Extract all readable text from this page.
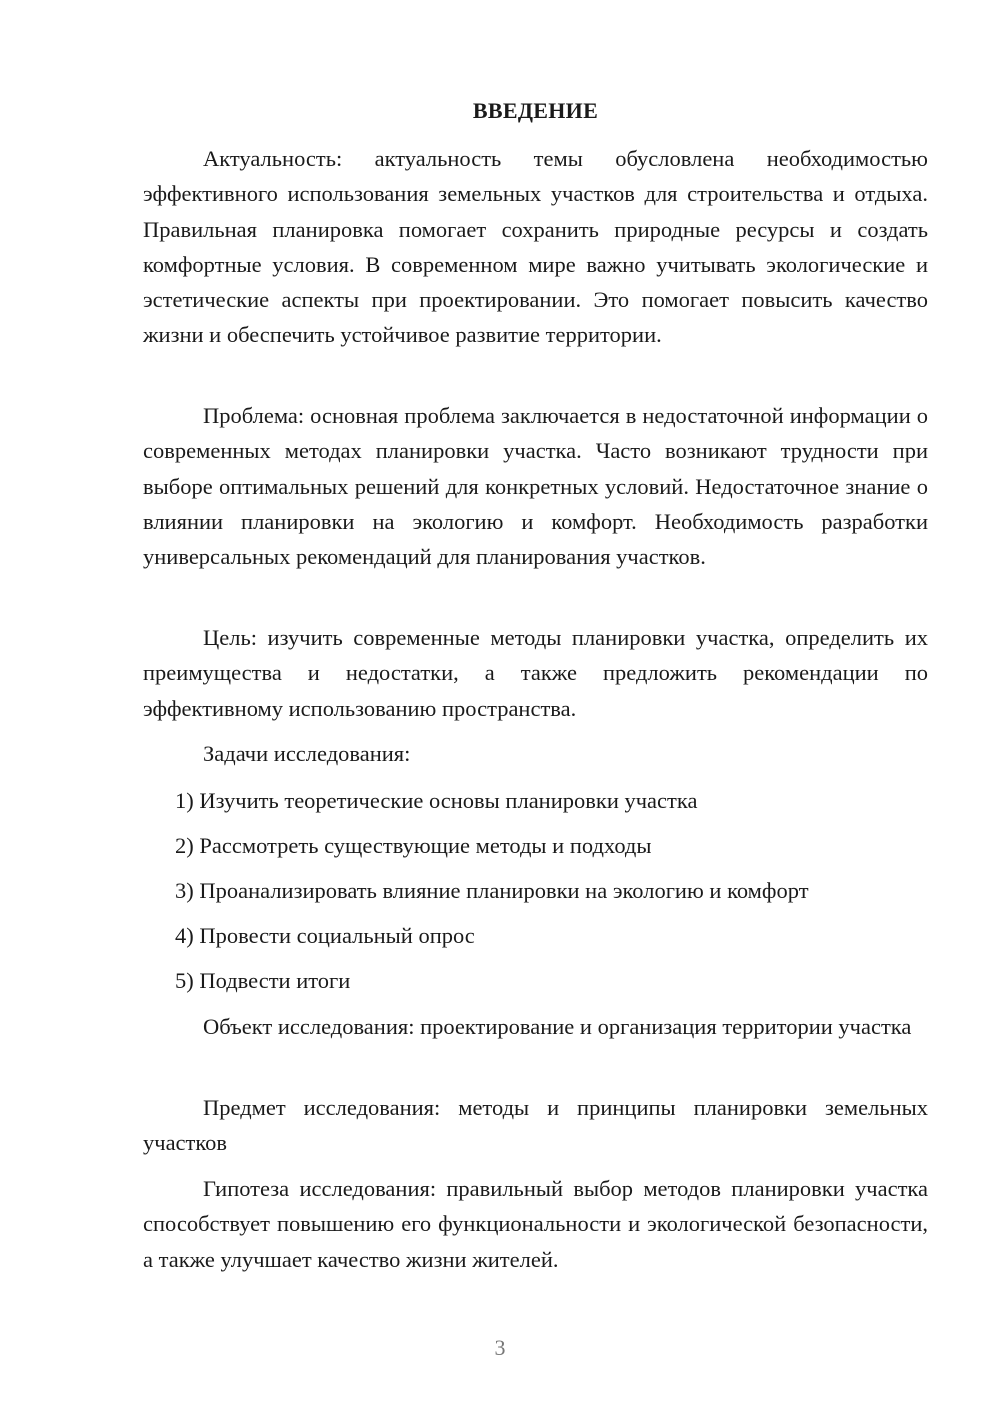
ВВЕДЕНИЕ

Актуальность: актуальность темы обусловлена необходимостью эффективного использования земельных участков для строительства и отдыха. Правильная планировка помогает сохранить природные ресурсы и создать комфортные условия. В современном мире важно учитывать экологические и эстетические аспекты при проектировании. Это помогает повысить качество жизни и обеспечить устойчивое развитие территории.

Проблема: основная проблема заключается в недостаточной информации о современных методах планировки участка. Часто возникают трудности при выборе оптимальных решений для конкретных условий. Недостаточное знание о влиянии планировки на экологию и комфорт. Необходимость разработки универсальных рекомендаций для планирования участков.

Цель: изучить современные методы планировки участка, определить их преимущества и недостатки, а также предложить рекомендации по эффективному использованию пространства.

Задачи исследования:

1) Изучить теоретические основы планировки участка

2) Рассмотреть существующие методы и подходы

3) Проанализировать влияние планировки на экологию и комфорт

4) Провести социальный опрос

5) Подвести итоги

Объект исследования: проектирование и организация территории участка

Предмет исследования: методы и принципы планировки земельных участков

Гипотеза исследования: правильный выбор методов планировки участка способствует повышению его функциональности и экологической безопасности, а также улучшает качество жизни жителей.

3
